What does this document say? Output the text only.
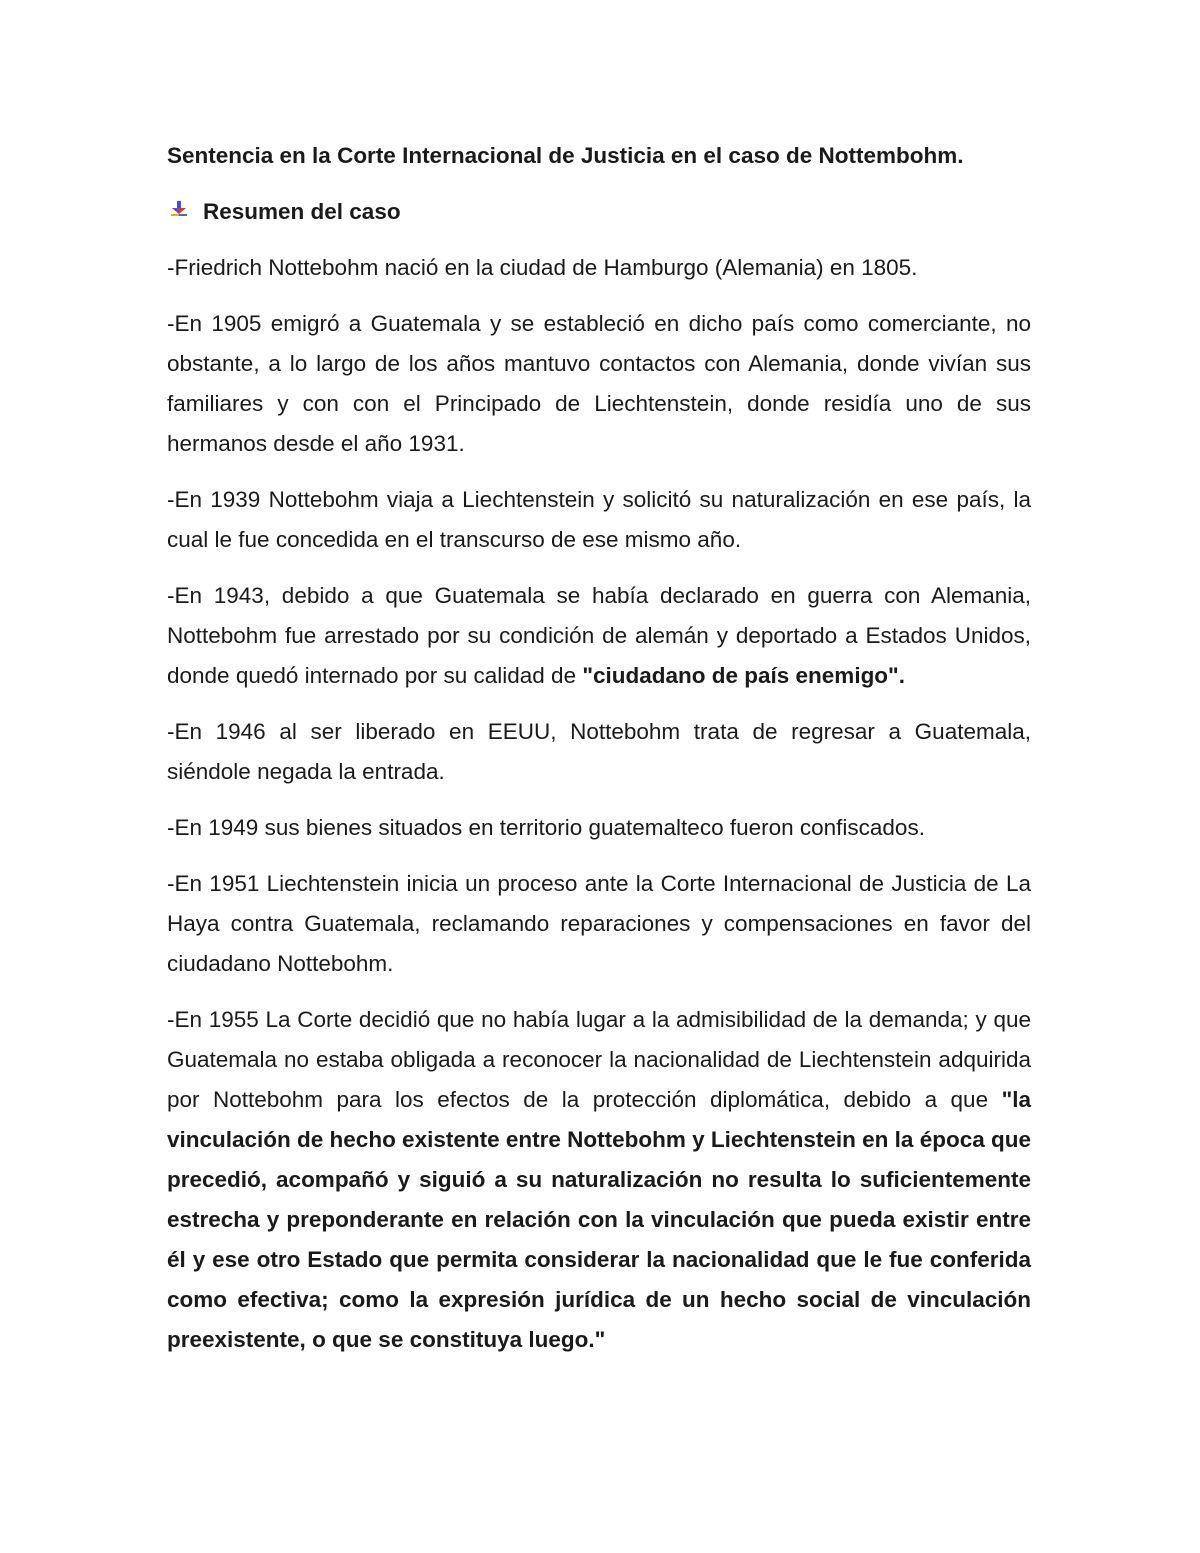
Sentencia en la Corte Internacional de Justicia en el caso de Nottembohm.
Resumen del caso

-Friedrich Nottebohm nació en la ciudad de Hamburgo (Alemania) en 1805.

-En 1905 emigró a Guatemala y se estableció en dicho país como comerciante, no obstante, a lo largo de los años mantuvo contactos con Alemania, donde vivían sus familiares y con con el Principado de Liechtenstein, donde residía uno de sus hermanos desde el año 1931.

-En 1939 Nottebohm viaja a Liechtenstein y solicitó su naturalización en ese país, la cual le fue concedida en el transcurso de ese mismo año.

-En 1943, debido a que Guatemala se había declarado en guerra con Alemania, Nottebohm fue arrestado por su condición de alemán y deportado a Estados Unidos, donde quedó internado por su calidad de "ciudadano de país enemigo".

-En 1946 al ser liberado en EEUU, Nottebohm trata de regresar a Guatemala, siéndole negada la entrada.

-En 1949 sus bienes situados en territorio guatemalteco fueron confiscados.

-En 1951 Liechtenstein inicia un proceso ante la Corte Internacional de Justicia de La Haya contra Guatemala, reclamando reparaciones y compensaciones en favor del ciudadano Nottebohm.

-En 1955 La Corte decidió que no había lugar a la admisibilidad de la demanda; y que Guatemala no estaba obligada a reconocer la nacionalidad de Liechtenstein adquirida por Nottebohm para los efectos de la protección diplomática, debido a que "la vinculación de hecho existente entre Nottebohm y Liechtenstein en la época que precedió, acompañó y siguió a su naturalización no resulta lo suficientemente estrecha y preponderante en relación con la vinculación que pueda existir entre él y ese otro Estado que permita considerar la nacionalidad que le fue conferida como efectiva; como la expresión jurídica de un hecho social de vinculación preexistente, o que se constituya luego."
